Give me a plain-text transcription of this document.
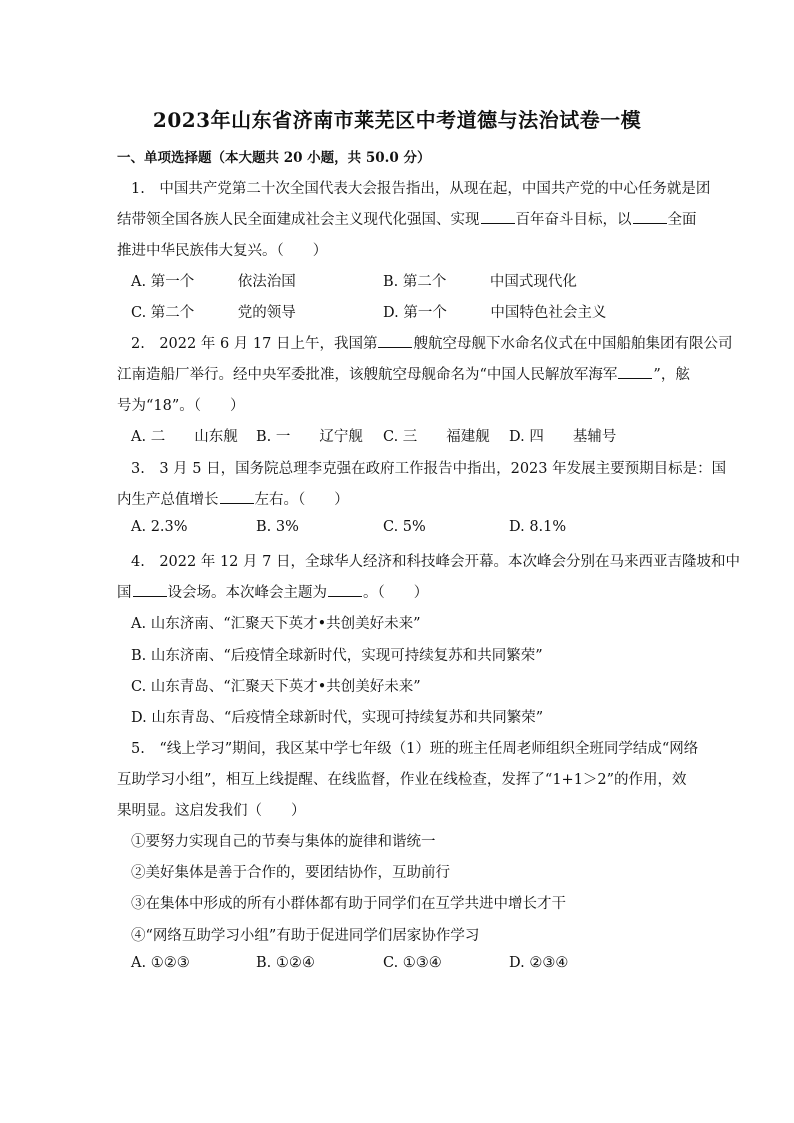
2023年山东省济南市莱芜区中考道德与法治试卷一模
一、单项选择题（本大题共 20 小题，共 50.0 分）
1.　中国共产党第二十次全国代表大会报告指出，从现在起，中国共产党的中心任务就是团
结带领全国各族人民全面建成社会主义现代化强国、实现 百年奋斗目标，以 全面
推进中华民族伟大复兴。（　　）
A. 第一个　　　依法治国	B. 第二个　　　中国式现代化
C. 第二个　　　党的领导	D. 第一个　　　中国特色社会主义
2.　2022 年 6 月 17 日上午，我国第 艘航空母舰下水命名仪式在中国船舶集团有限公司
江南造船厂举行。经中央军委批准，该艘航空母舰命名为“中国人民解放军海军 ”，舷
号为“18”。（　　）
A. 二　　山东舰 B. 一　　辽宁舰 C. 三　　福建舰 D. 四　　基辅号
3.　3 月 5 日，国务院总理李克强在政府工作报告中指出，2023 年发展主要预期目标是：国
内生产总值增长 左右。（　　）
A. 2.3%	B. 3%	C. 5%	D. 8.1%
4.　2022 年 12 月 7 日，全球华人经济和科技峰会开幕。本次峰会分别在马来西亚吉隆坡和中
国 设会场。本次峰会主题为 。（　　）
A. 山东济南、“汇聚天下英才•共创美好未来”
B. 山东济南、“后疫情全球新时代，实现可持续复苏和共同繁荣”
C. 山东青岛、“汇聚天下英才•共创美好未来”
D. 山东青岛、“后疫情全球新时代，实现可持续复苏和共同繁荣”
5.　“线上学习”期间，我区某中学七年级（1）班的班主任周老师组织全班同学结成“网络
互助学习小组”，相互上线提醒、在线监督，作业在线检查，发挥了“1+1＞2”的作用，效
果明显。这启发我们（　　）
①要努力实现自己的节奏与集体的旋律和谐统一
②美好集体是善于合作的，要团结协作，互助前行
③在集体中形成的所有小群体都有助于同学们在互学共进中增长才干
④“网络互助学习小组”有助于促进同学们居家协作学习
A. ①②③	B. ①②④	C. ①③④	D. ②③④
